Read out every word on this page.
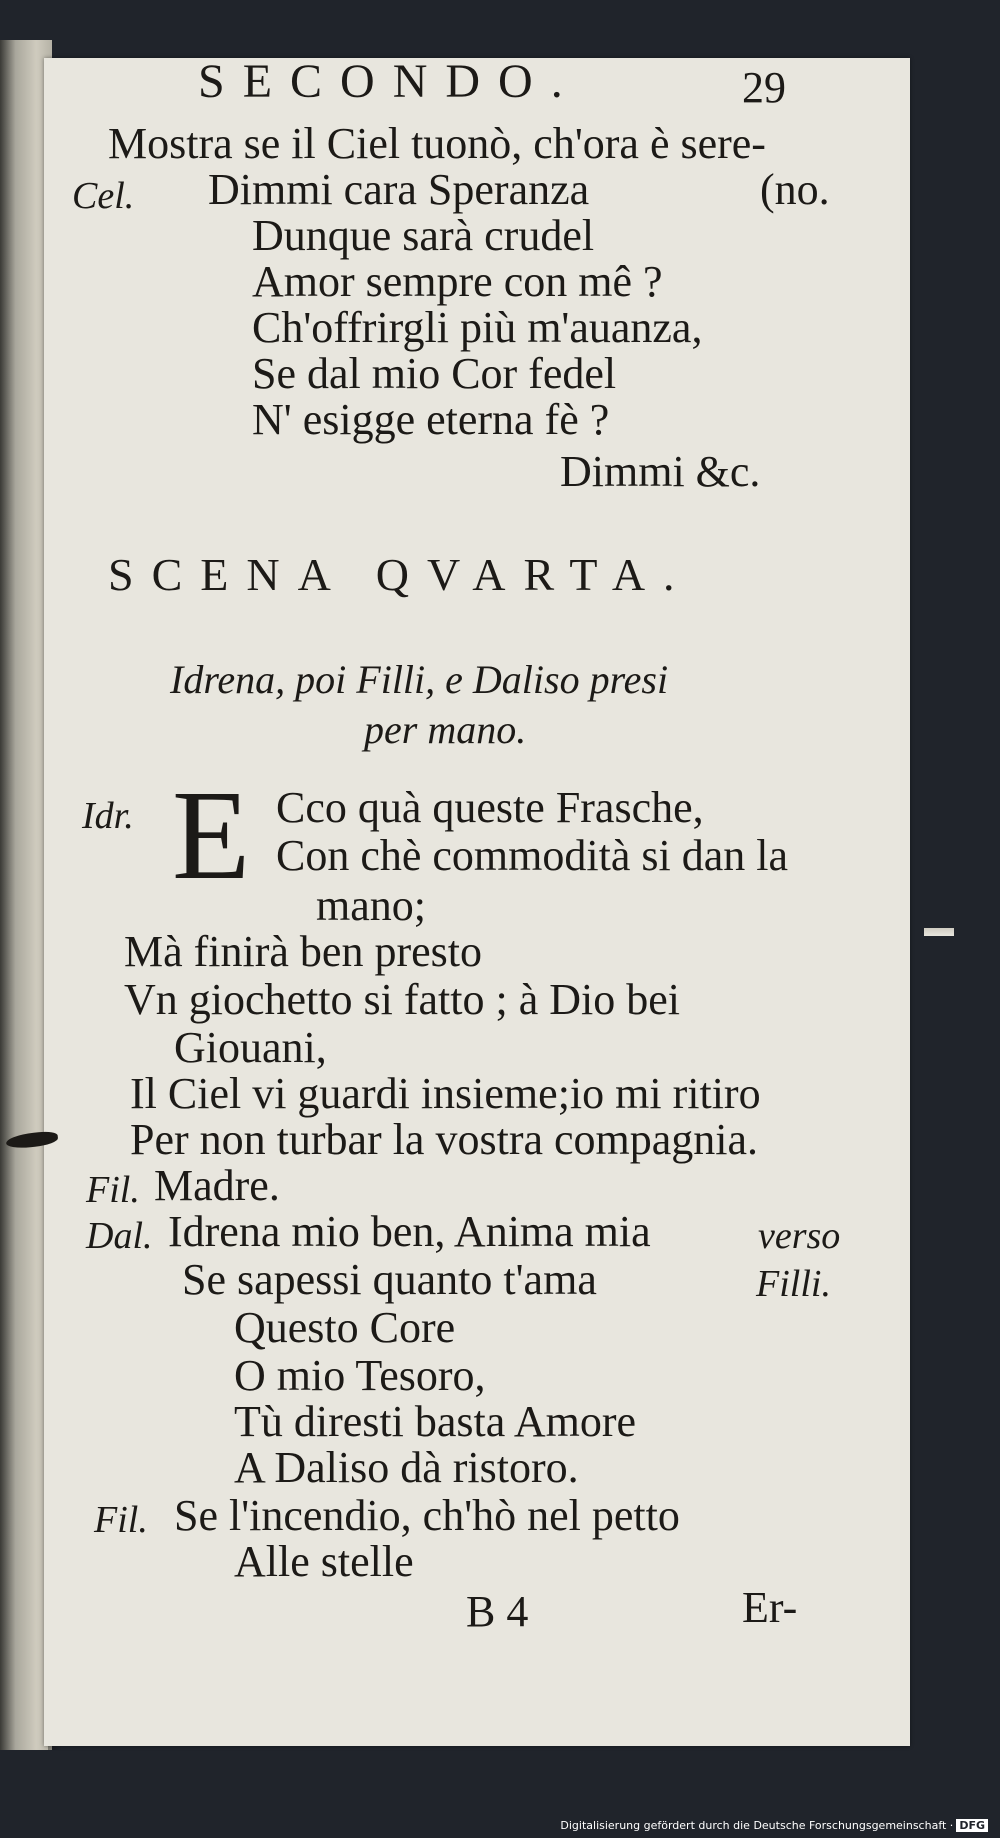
SECONDO.	29
Mostra se il Ciel tuonò, ch'ora è sere-
(no.
Cel. Dimmi cara Speranza
Dunque sarà crudel
Amor sempre con mê ?
Ch'offrirgli più m'auanza,
Se dal mio Cor fedel
N' esigge eterna fè ?
Dimmi &c.
SCENA QVARTA.
Idrena, poi Filli, e Daliso presi
per mano.
Idr. E Cco quà queste Frasche,
Con chè commodità si dan la
mano;
Mà finirà ben presto
Vn giochetto si fatto ; à Dio bei
Giouani,
Il Ciel vi guardi insieme;io mi ritiro
Per non turbar la vostra compagnia.
Fil. Madre.
Dal. Idrena mio ben, Anima mia	verso
Se sapessi quanto t'ama	Filli.
Questo Core
O mio Tesoro,
Tù diresti basta Amore
A Daliso dà ristoro.
Fil. Se l'incendio, ch'hò nel petto
Alle stelle
B 4	Er-
Digitalisierung gefördert durch die Deutsche Forschungsgemeinschaft · DFG
